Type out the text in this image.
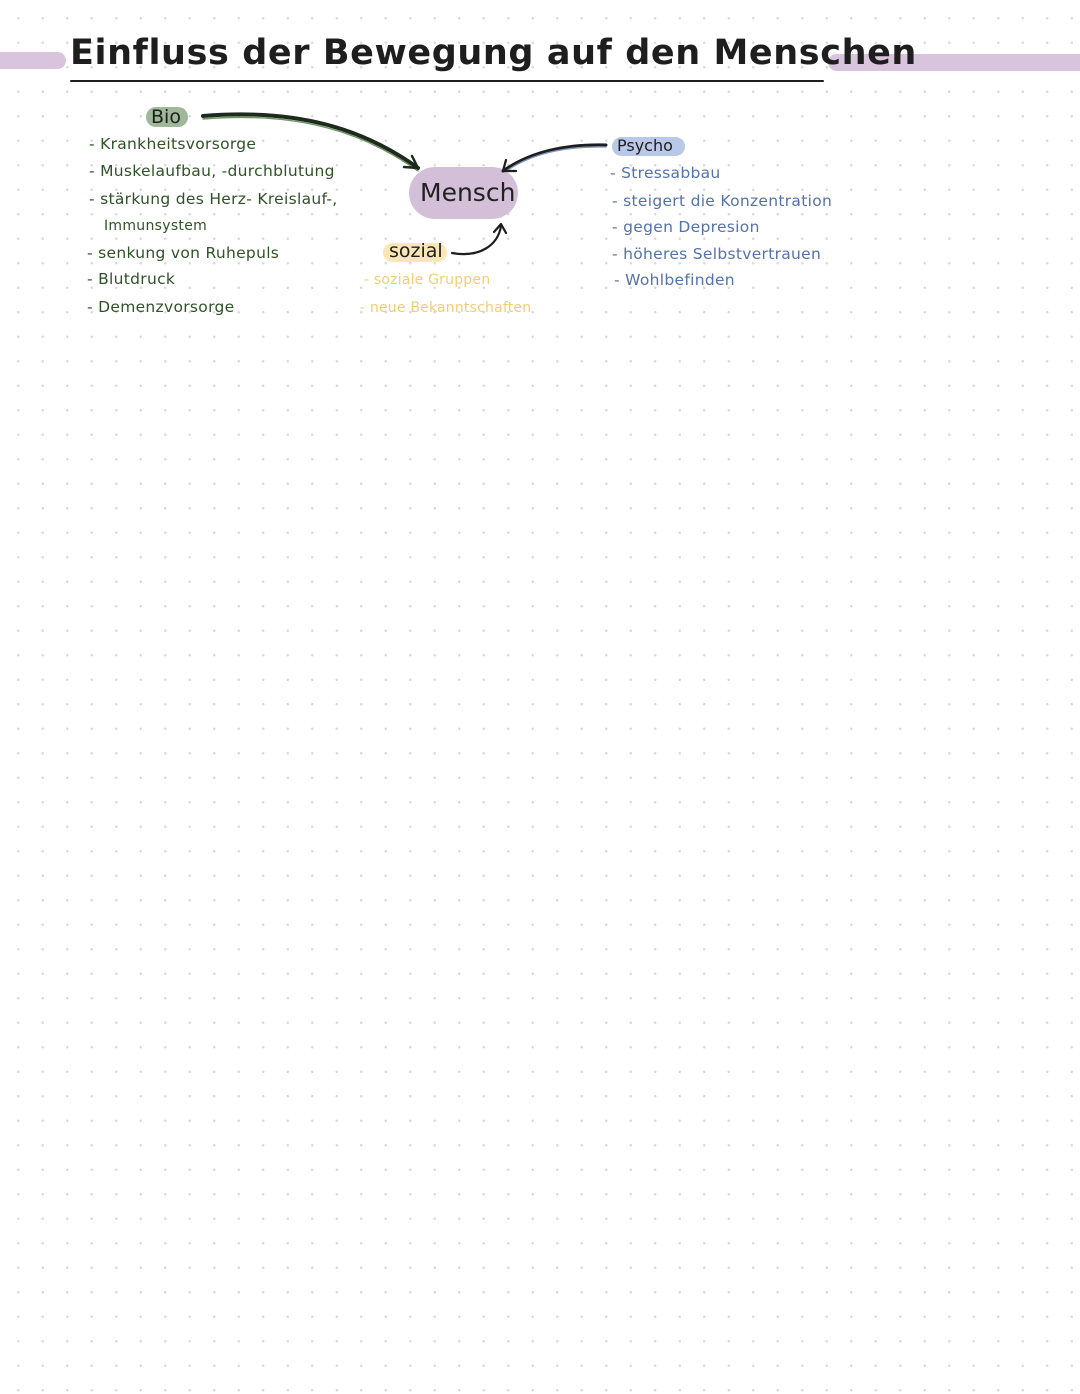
Einfluss der Bewegung auf den Menschen
Bio
Psycho
Mensch
sozial
- Krankheitsvorsorge
- Muskelaufbau, -durchblutung
- stärkung des Herz- Kreislauf-,
Immunsystem
- senkung von Ruhepuls
- Blutdruck
- Demenzvorsorge
- Stressabbau
- steigert die Konzentration
- gegen Depresion
- höheres Selbstvertrauen
- Wohlbefinden
- soziale Gruppen
- neue Bekanntschaften
